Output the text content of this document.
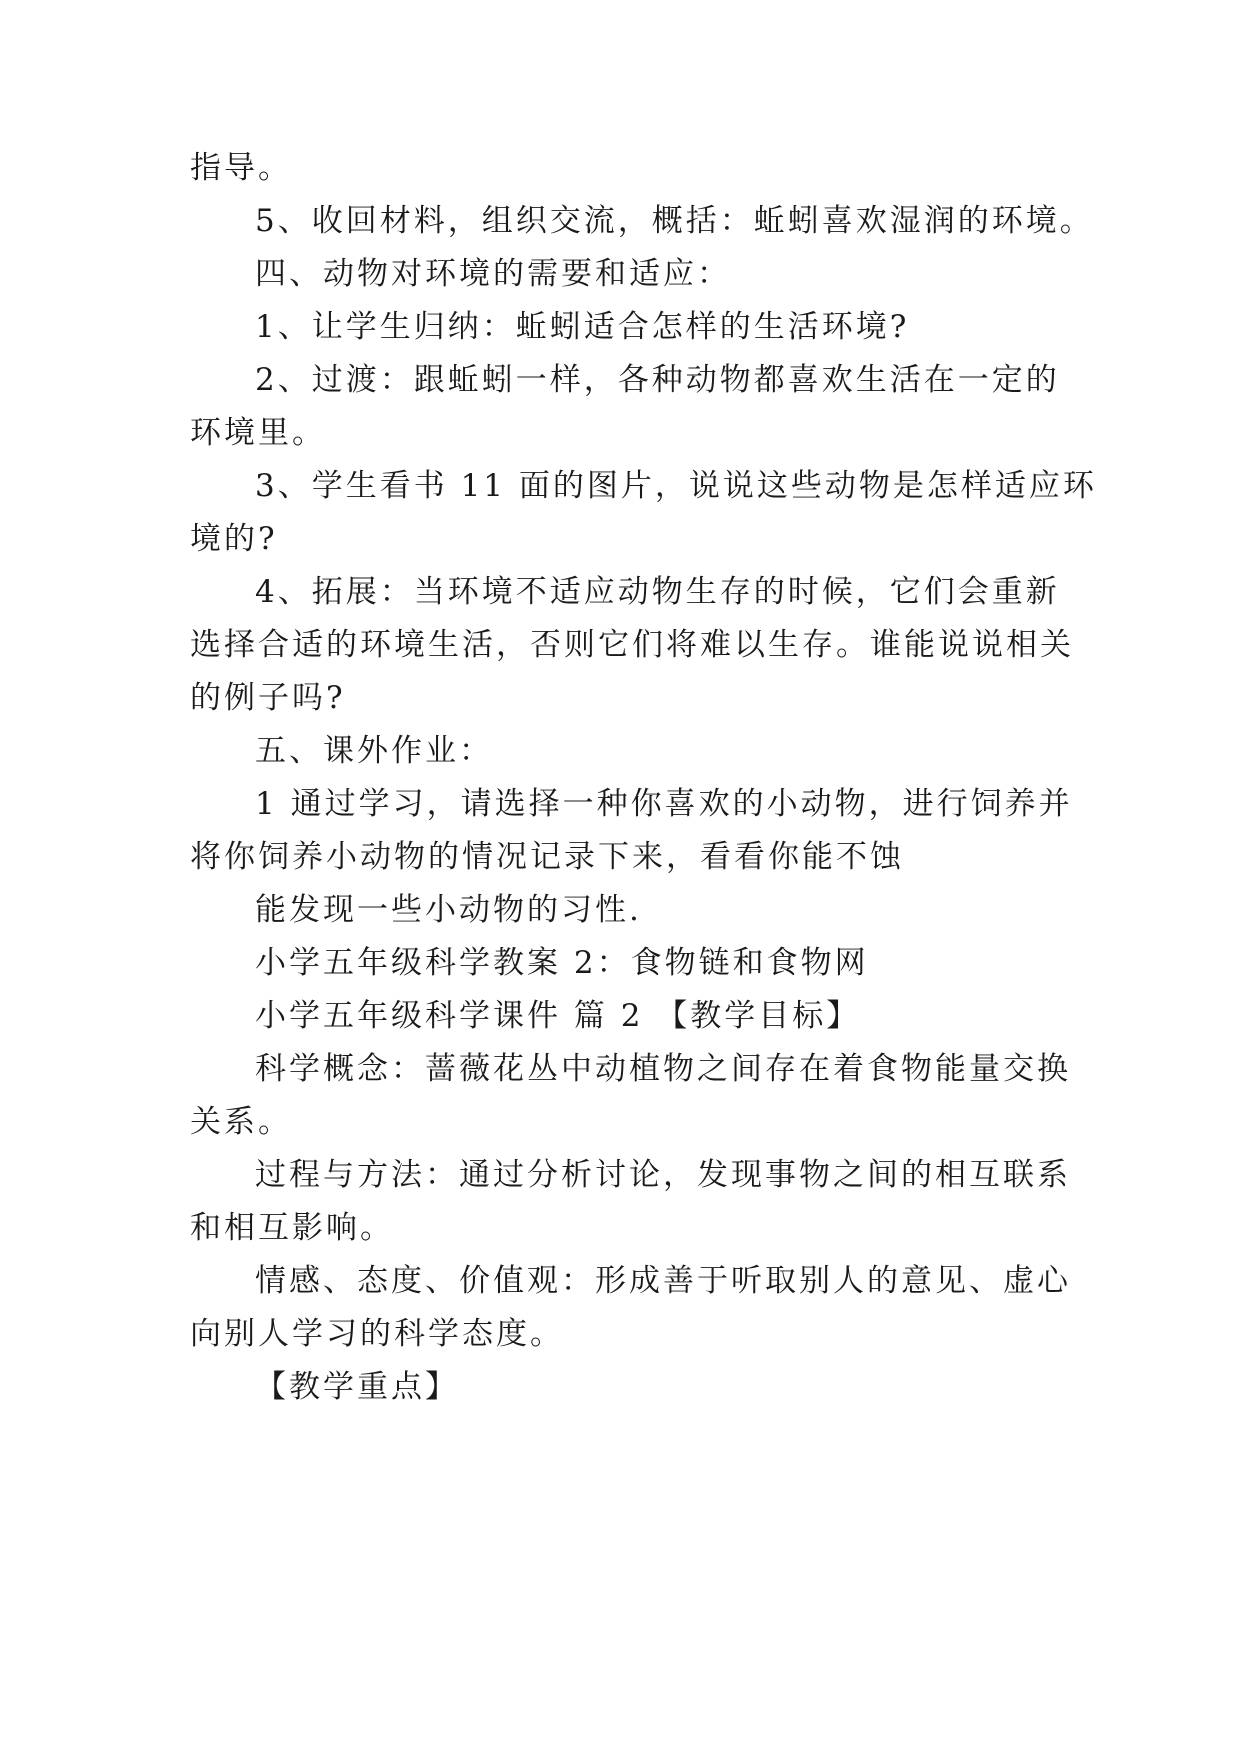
指导。
5、收回材料，组织交流，概括：蚯蚓喜欢湿润的环境。
四、动物对环境的需要和适应：
1、让学生归纳：蚯蚓适合怎样的生活环境?
2、过渡：跟蚯蚓一样，各种动物都喜欢生活在一定的
环境里。
3、学生看书 11 面的图片，说说这些动物是怎样适应环
境的?
4、拓展：当环境不适应动物生存的时候，它们会重新
选择合适的环境生活，否则它们将难以生存。谁能说说相关
的例子吗?
五、课外作业：
1 通过学习，请选择一种你喜欢的小动物，进行饲养并
将你饲养小动物的情况记录下来，看看你能不蚀
能发现一些小动物的习性.
小学五年级科学教案 2：食物链和食物网
小学五年级科学课件 篇 2 【教学目标】
科学概念：蔷薇花丛中动植物之间存在着食物能量交换
关系。
过程与方法：通过分析讨论，发现事物之间的相互联系
和相互影响。
情感、态度、价值观：形成善于听取别人的意见、虚心
向别人学习的科学态度。
【教学重点】
